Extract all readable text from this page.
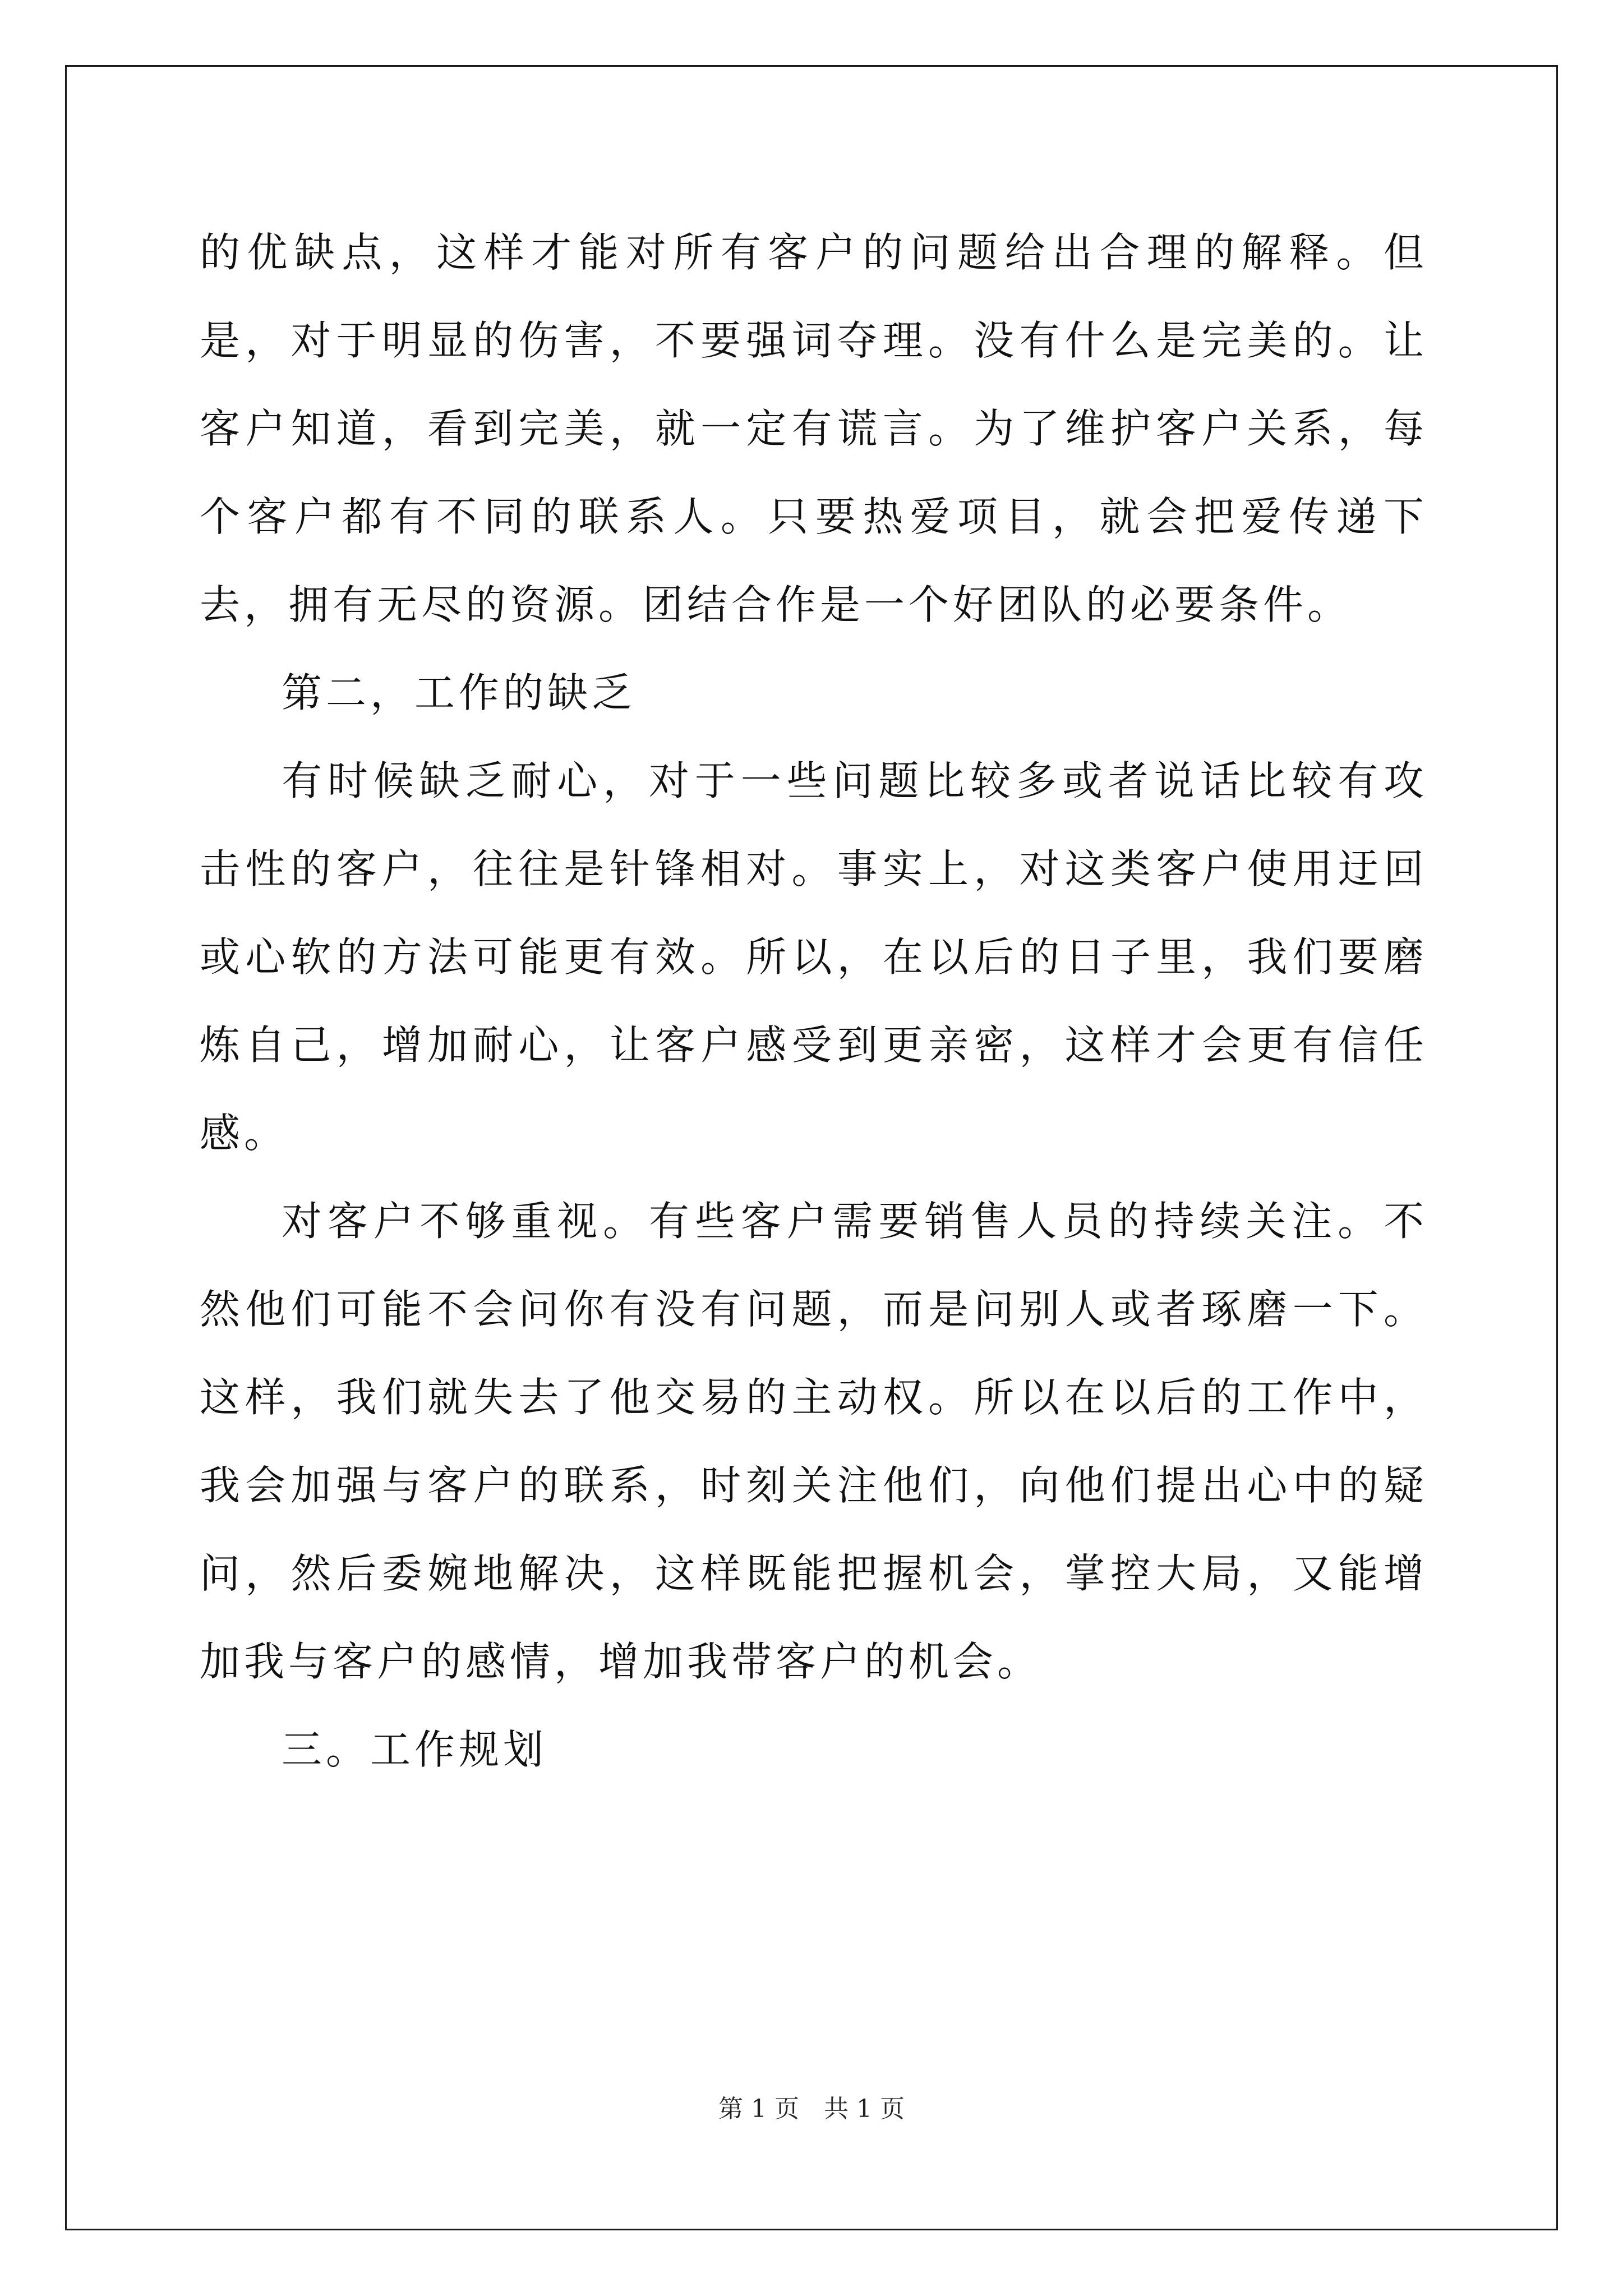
的优缺点，这样才能对所有客户的问题给出合理的解释。但是，对于明显的伤害，不要强词夺理。没有什么是完美的。让客户知道，看到完美，就一定有谎言。为了维护客户关系，每个客户都有不同的联系人。只要热爱项目，就会把爱传递下去，拥有无尽的资源。团结合作是一个好团队的必要条件。

第二，工作的缺乏

有时候缺乏耐心，对于一些问题比较多或者说话比较有攻击性的客户，往往是针锋相对。事实上，对这类客户使用迂回或心软的方法可能更有效。所以，在以后的日子里，我们要磨炼自己，增加耐心，让客户感受到更亲密，这样才会更有信任感。

对客户不够重视。有些客户需要销售人员的持续关注。不然他们可能不会问你有没有问题，而是问别人或者琢磨一下。这样，我们就失去了他交易的主动权。所以在以后的工作中，我会加强与客户的联系，时刻关注他们，向他们提出心中的疑问，然后委婉地解决，这样既能把握机会，掌控大局，又能增加我与客户的感情，增加我带客户的机会。

三。工作规划

第 1 页　共 1 页
